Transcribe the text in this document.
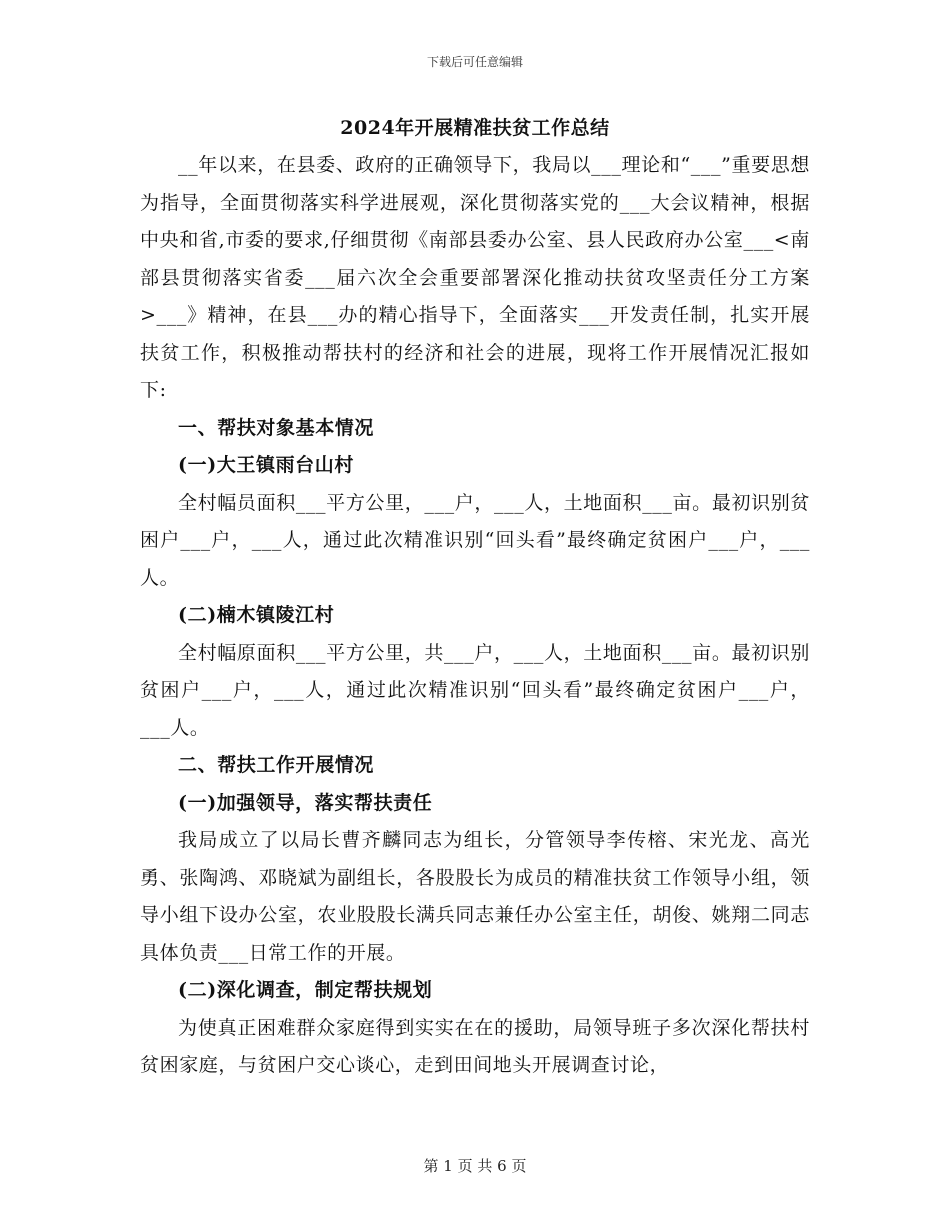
下载后可任意编辑
2024年开展精准扶贫工作总结

__年以来，在县委、政府的正确领导下，我局以___理论和“___”重要思想为指导，全面贯彻落实科学进展观，深化贯彻落实党的___大会议精神，根据中央和省,市委的要求,仔细贯彻《南部县委办公室、县人民政府办公室___<南部县贯彻落实省委___届六次全会重要部署深化推动扶贫攻坚责任分工方案>___》精神，在县___办的精心指导下，全面落实___开发责任制，扎实开展扶贫工作，积极推动帮扶村的经济和社会的进展，现将工作开展情况汇报如下:

一、帮扶对象基本情况

(一)大王镇雨台山村

全村幅员面积___平方公里，___户，___人，土地面积___亩。最初识别贫困户___户，___人，通过此次精准识别“回头看”最终确定贫困户___户，___人。

(二)楠木镇陵江村

全村幅原面积___平方公里，共___户，___人，土地面积___亩。最初识别贫困户___户，___人，通过此次精准识别“回头看”最终确定贫困户___户，___人。

二、帮扶工作开展情况

(一)加强领导，落实帮扶责任

我局成立了以局长曹齐麟同志为组长，分管领导李传榕、宋光龙、高光勇、张陶鸿、邓晓斌为副组长，各股股长为成员的精准扶贫工作领导小组，领导小组下设办公室，农业股股长满兵同志兼任办公室主任，胡俊、姚翔二同志具体负责___日常工作的开展。

(二)深化调查，制定帮扶规划

为使真正困难群众家庭得到实实在在的援助，局领导班子多次深化帮扶村贫困家庭，与贫困户交心谈心，走到田间地头开展调查讨论，

第 1 页 共 6 页
